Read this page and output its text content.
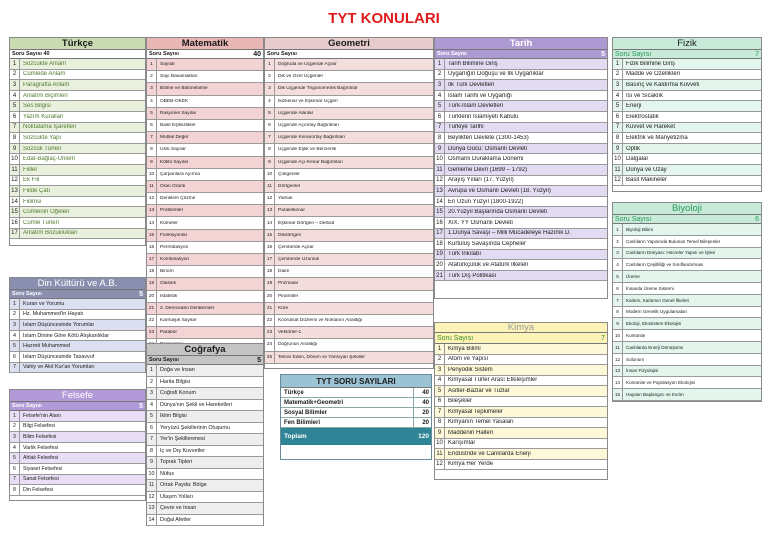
TYT KONULARI
Türkçe
Soru Sayısı 40
1	Sözcükte Anlam
2	Cümlede Anlam
3	Paragrafta Anlam
4	Anlatım Biçimleri
5	Ses Bilgisi
6	Yazım Kuralları
7	Noktalama İşaretleri
8	Sözcükte Yapı
9	Sözcük Türleri
10 Edat-Bağlaç-Ünlem
11 Fiiller
12 Ek Fiil
13 Fiilde Çatı
14 Fiilimsi
15 Cümlenin Öğeleri
16 Cümle Türleri
17 Anlatım Bozuklukları
Matematik
Soru Sayısı	40
1	Sayılar
2	Sayı Basamakları
3	Bölme ve Bölünebilme
4	OBEB-OKEK
5	Rasyonel Sayılar
6	Basit Eşitsizlikler
7	Mutlak Değer
8	Üslü Sayılar
9	Köklü Sayılar
10	Çarpanlara Ayırma
11	Oran Orantı
12	Denklem Çözme
13	Problemler
14	Kümeler
15	Fonksiyonlar
16	Permütasyon
17	Kombinasyon
18	Binom
19	Olasılık
20	İstatistik
21	2. Dereceden Denklemler
22	Karmaşık Sayılar
23	Parabol
Geometri
Soru Sayısı
1	Doğruda ve Üçgende Açılar
2	Dik ve Özel Üçgenler
3	Dik Üçgende Trigonometrik Bağıntılar
4	İkizkenar ve Eşkenar Üçgen
5	Üçgende Alanlar
6	Üçgende Açıortay Bağıntıları
7	Üçgende Kenarortay Bağıntıları
8	Üçgende Eşlik ve Benzerlik
9	Üçgende Açı-Kenar Bağıntıları
10	Çokgenler
11	Dörtgenler
12	Yamuk
13	Paralelkenar
14	Eşkenar Dörtgen – Deltoid
15	Dikdörtgen
16	Çemberde Açılar
17	Çemberde Uzunluk
18	Daire
19	Prizmalar
20	Piramitler
21	Küre
22	Koordinat Düzlemi ve Noktanın Analitiği
23	Vektörler-1
24	Doğrunun Analitiği
25	Tekrar Eden, Dönen ve Yansıyan Şekiller
Tarih
Soru Sayısı	5
1	Tarih Bilimine Giriş
2	Uygarlığın Doğuşu ve İlk Uygarlıklar
3	İlk Türk Devletleri
4	İslam Tarihi ve Uygarlığı
5	Türk-İslam Devletleri
6	Türklerin İslamiyeti Kabulü
7	Türkiye Tarihi
8	Beylikten Devlete (1300-1453)
9	Dünya Gücü: Osmanlı Devleti
10 Osmanlı Duraklama Dönemi
11 Gerileme Devri (1699 – 1792)
12 Arayış Yılları (17. Yüzyıl)
13 Avrupa ve Osmanlı Devleti (18. Yüzyıl)
14 En Uzun Yüzyıl (1800-1922)
15 20.Yüzyıl Başlarında Osmanlı Devleti
16 XIX. YY Osmanlı Devleti
17 1.Dünya Savaşı – Milli Mücadeleye Hazırlık D.
18 Kurtuluş Savaşında Cepheler
19 Türk İnkılabı
20 Atatürkçülük ve Atatürk İlkeleri
21 Türk Dış Politikası
Fizik
Soru Sayısı	7
1	Fizik Bilimine Giriş
2	Madde ve Özellikleri
3	Basınç ve Kaldırma Kuvveti
4	Isı ve Sıcaklık
5	Enerji
6	Elektrostatik
7	Kuvvet ve Hareket
8	Elektrik ve Manyetizma
9	Optik
10 Dalgalar
11 Dünya ve Uzay
12 Basit Makineler
Biyoloji
Soru Sayısı	6
1	Biyoloji Bilimi
2	Canlıların Yapısında Bulunan Temel Bileşenler
3	Canlıların Dünyası: Hücreler Yapısı ve İşlevi
4	Canlıların Çeşitliliği ve Sınıflandırması
5	Üreme
6	İnsanda Üreme Sistemi
7	Kalıtım, Kalıtımın Genel İlkeleri
8	Modern Genetik Uygulamaları
9	Ekoloji, Ekosistem Ekolojisi
10	Komünite
11	Canlılarda Enerji Dönüşümü
12	Solunum
13	İnsan Fizyolojisi
14	Komünite ve Popülasyon Ekolojisi
15	Hayatın Başlangıcı ve Evrim
Kimya
Soru Sayısı	7
1	Kimya Bilimi
2	Atom ve Yapısı
3	Periyodik Sistem
4	Kimyasal Türler Arası Etkileşimler
5	Asitler-Bazlar ve Tuzlar
6	Bileşikler
7	Kimyasal Tepkimeler
8	Kimyanın Temel Yasaları
9	Maddenin Halleri
10 Karışımlar
11 Endüstride ve Canlılarda Enerji
12 Kimya Her Yerde
Din Kültürü ve A.B.
Soru Sayısı	5
1	Kuran ve Yorumu
2	Hz. Muhammed'in Hayatı
3	İslam Düşüncesinde Yorumlar
4	İslam Dinine Göre Kötü Alışkanlıklar
5	Hazreti Muhammed
6	İslam Düşüncesinde Tasavvuf
7	Vahiy ve Akıl Kur'an Yorumları
Coğrafya
Soru Sayısı	5
1	Doğa ve İnsan
2	Harita Bilgisi
3	Coğrafi Konum
4	Dünya'nın Şekli ve Hareketleri
5	İklim Bilgisi
6	Yeryüzü Şekillerinin Oluşumu
7	Yer'in Şekillenmesi
8	İç ve Dış Kuvvetler
9	Toprak Tipleri
10	Nüfus
11	Ortak Payda: Bölge
12	Ulaşım Yolları
13	Çevre ve İnsan
14	Doğal Afetler
Felsefe
Soru Sayısı	5
1	Felsefe'nin Alanı
2	Bilgi Felsefesi
3	Bilim Felsefesi
4	Varlık Felsefesi
5	Ahlak Felsefesi
6	Siyaset Felsefesi
7	Sanat Felsefesi
8	Din Felsefesi
TYT SORU SAYILARI
Türkçe	40
Matematik+Geometri	40
Sosyal Bilimler	20
Fen Bilimleri	20
Toplam	120
